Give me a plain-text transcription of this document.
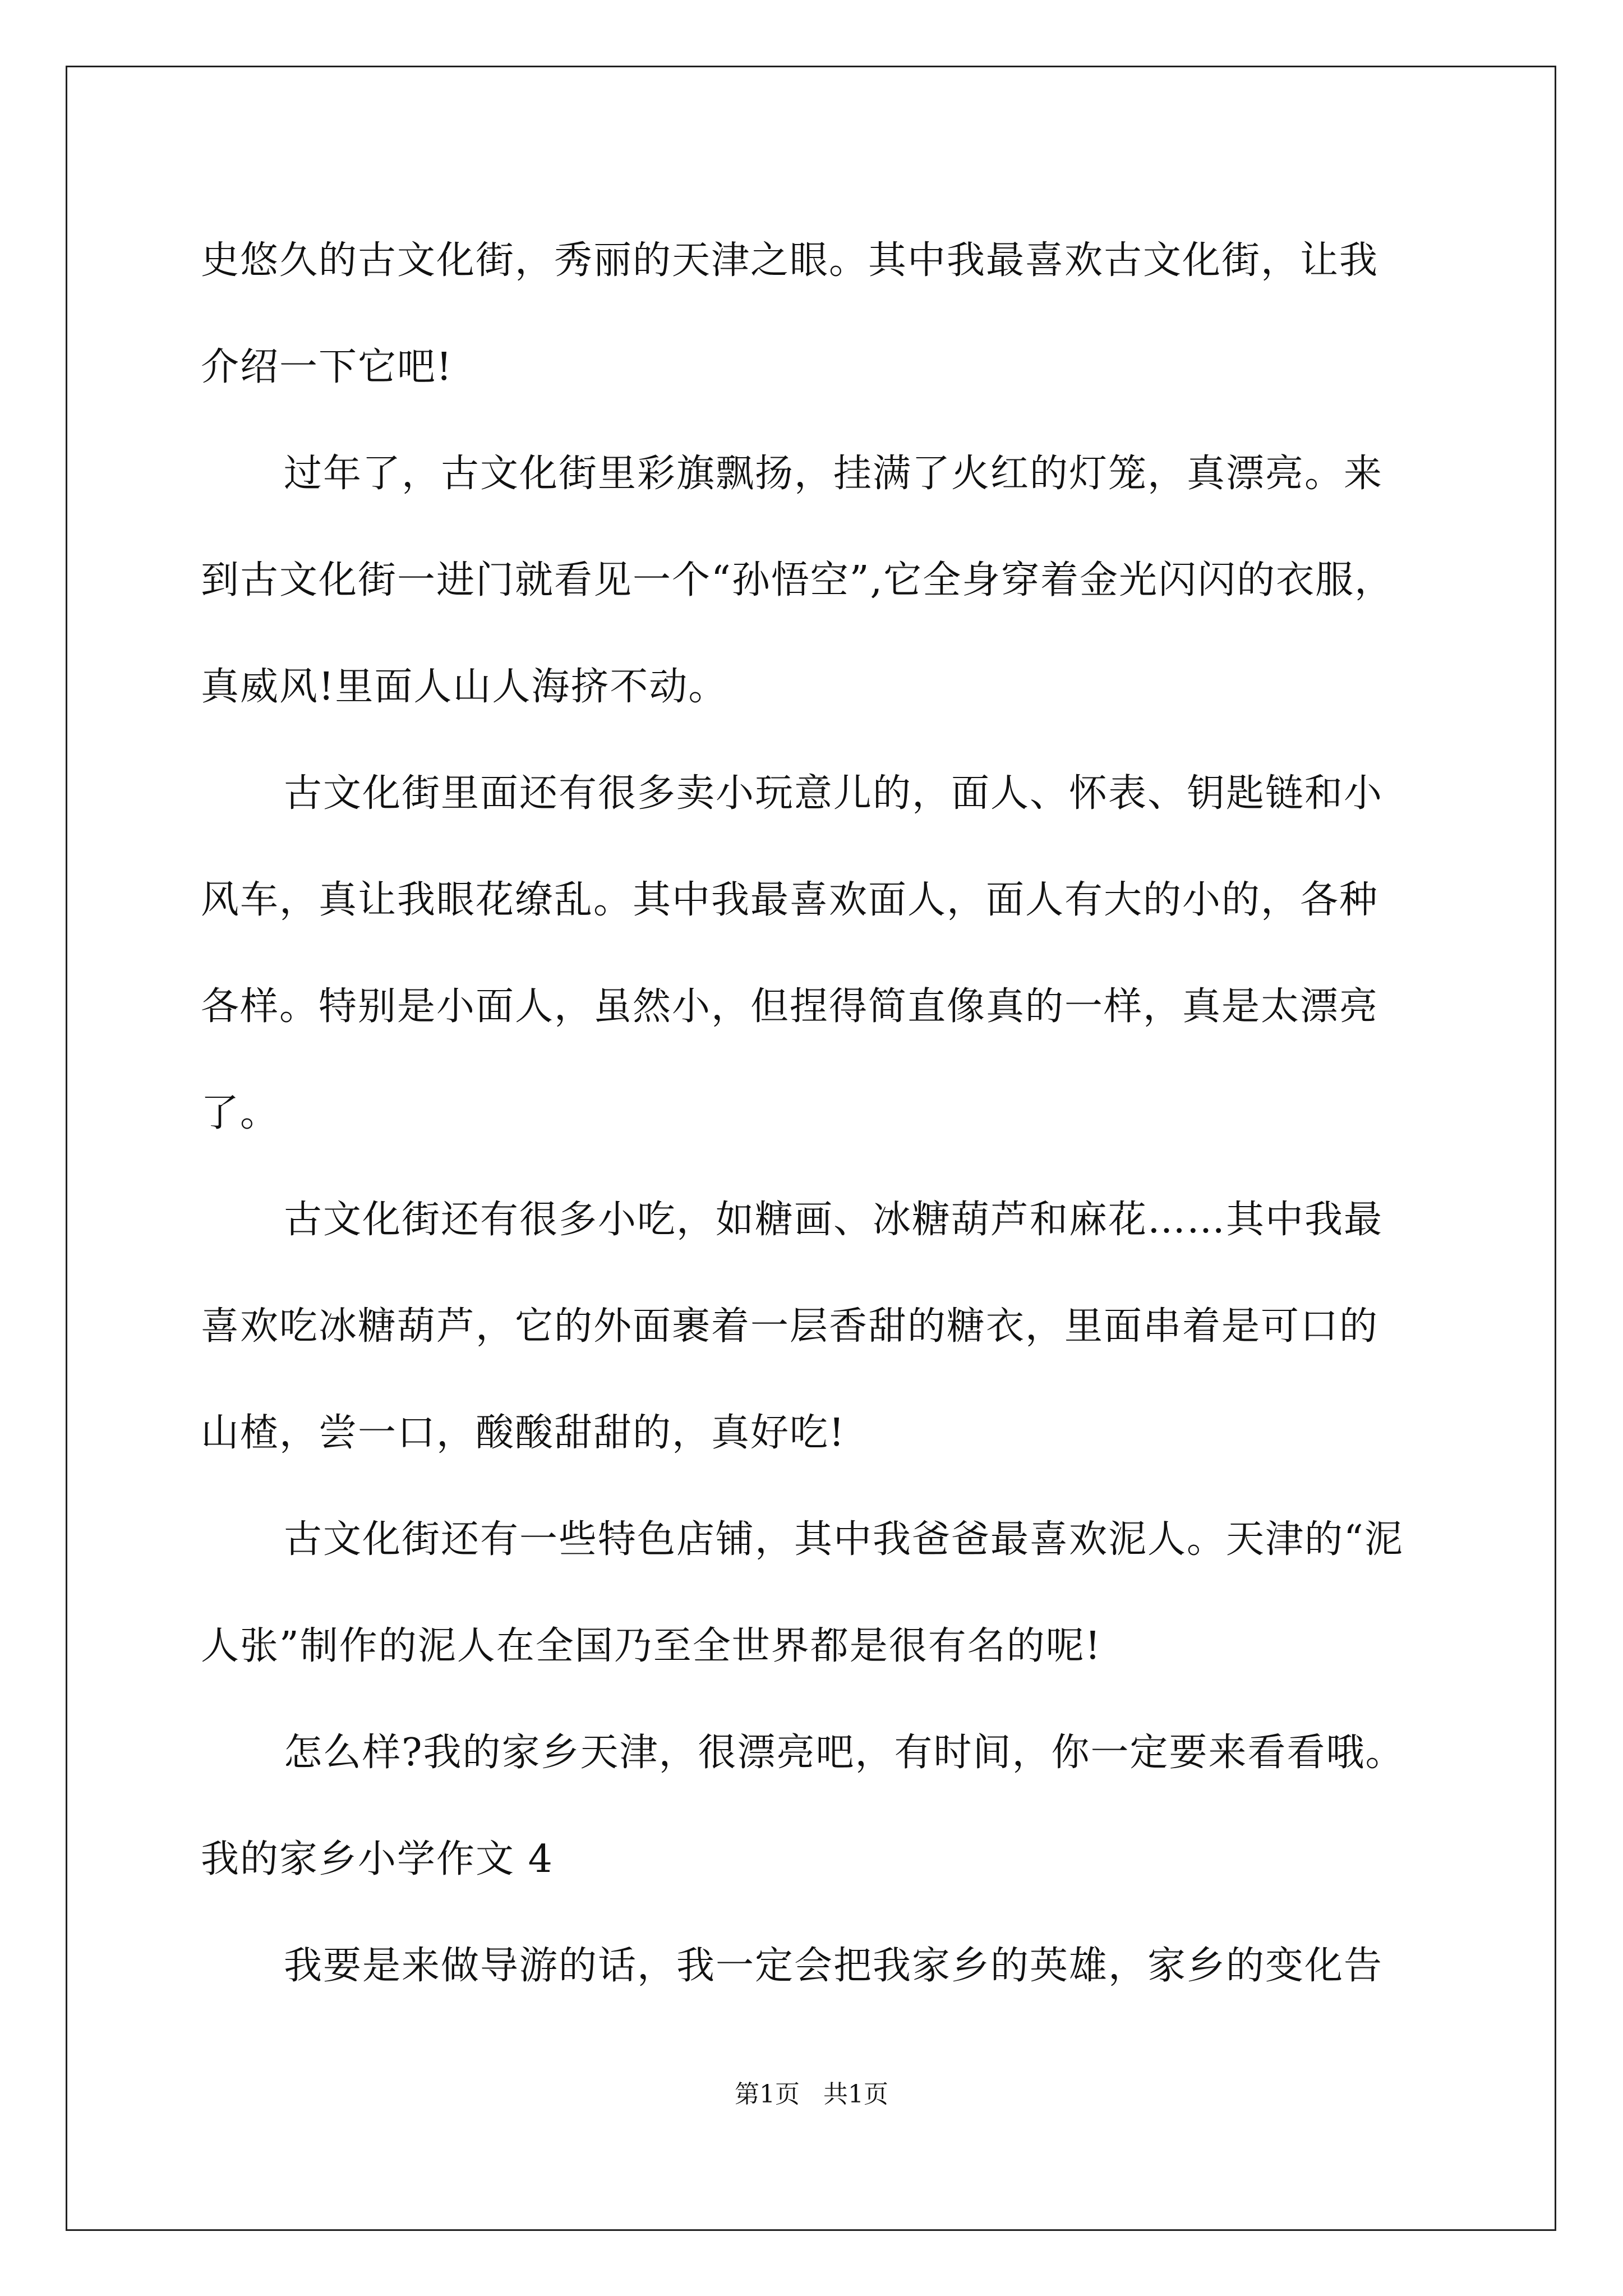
史悠久的古文化街，秀丽的天津之眼。其中我最喜欢古文化街，让我
介绍一下它吧!
过年了，古文化街里彩旗飘扬，挂满了火红的灯笼，真漂亮。来
到古文化街一进门就看见一个“孙悟空”,它全身穿着金光闪闪的衣服，
真威风!里面人山人海挤不动。
古文化街里面还有很多卖小玩意儿的，面人、怀表、钥匙链和小
风车，真让我眼花缭乱。其中我最喜欢面人，面人有大的小的，各种
各样。特别是小面人，虽然小，但捏得简直像真的一样，真是太漂亮
了。
古文化街还有很多小吃，如糖画、冰糖葫芦和麻花……其中我最
喜欢吃冰糖葫芦，它的外面裹着一层香甜的糖衣，里面串着是可口的
山楂，尝一口，酸酸甜甜的，真好吃!
古文化街还有一些特色店铺，其中我爸爸最喜欢泥人。天津的“泥
人张”制作的泥人在全国乃至全世界都是很有名的呢!
怎么样?我的家乡天津，很漂亮吧，有时间，你一定要来看看哦。
我的家乡小学作文 4
我要是来做导游的话，我一定会把我家乡的英雄，家乡的变化告
第1页   共1页
